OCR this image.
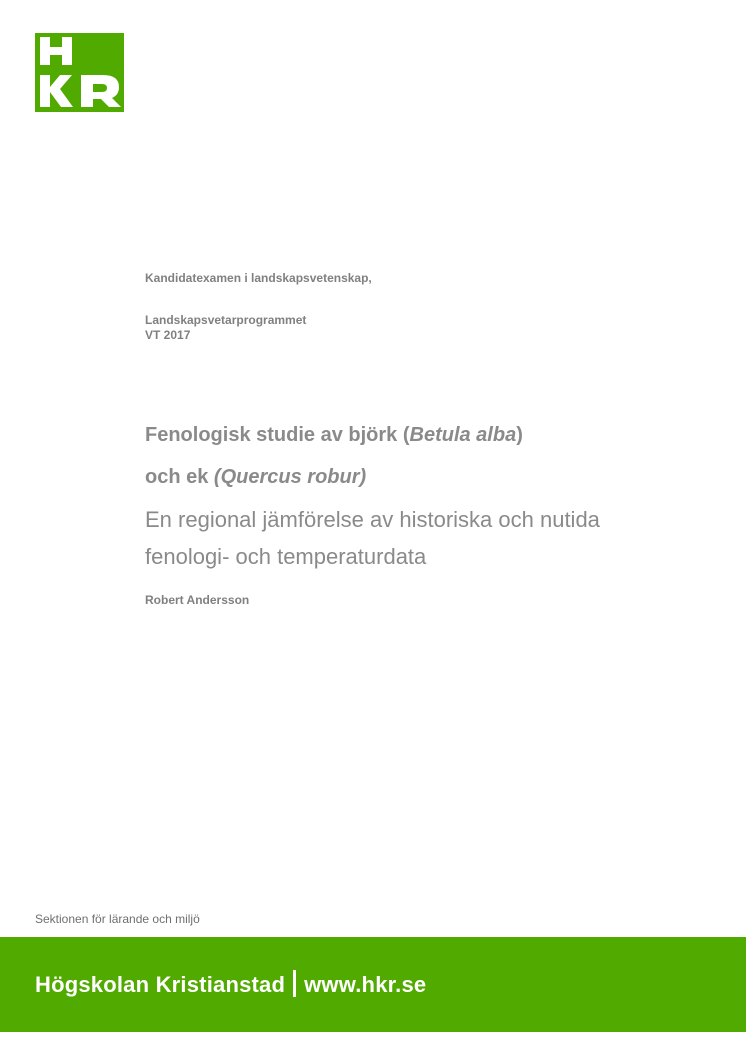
Kandidatexamen i landskapsvetenskap,
Landskapsvetarprogrammet
VT 2017
Fenologisk studie av björk (Betula alba)
och ek (Quercus robur)
En regional jämförelse av historiska och nutida
fenologi- och temperaturdata
Robert Andersson
Sektionen för lärande och miljö
Högskolan Kristianstad www.hkr.se
